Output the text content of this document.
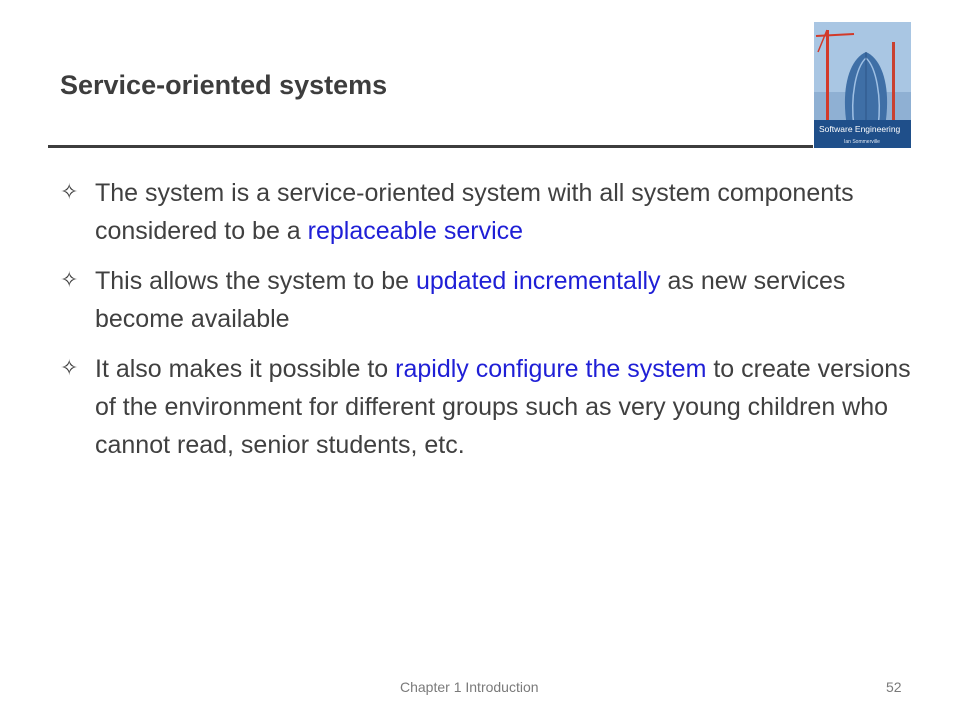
Service-oriented systems
Software Engineering
Ian Sommerville
✧ The system is a service-oriented system with all system components considered to be a replaceable service
✧ This allows the system to be updated incrementally as new services become available
✧ It also makes it possible to rapidly configure the system to create versions of the environment for different groups such as very young children who cannot read, senior students, etc.
Chapter 1 Introduction	52
